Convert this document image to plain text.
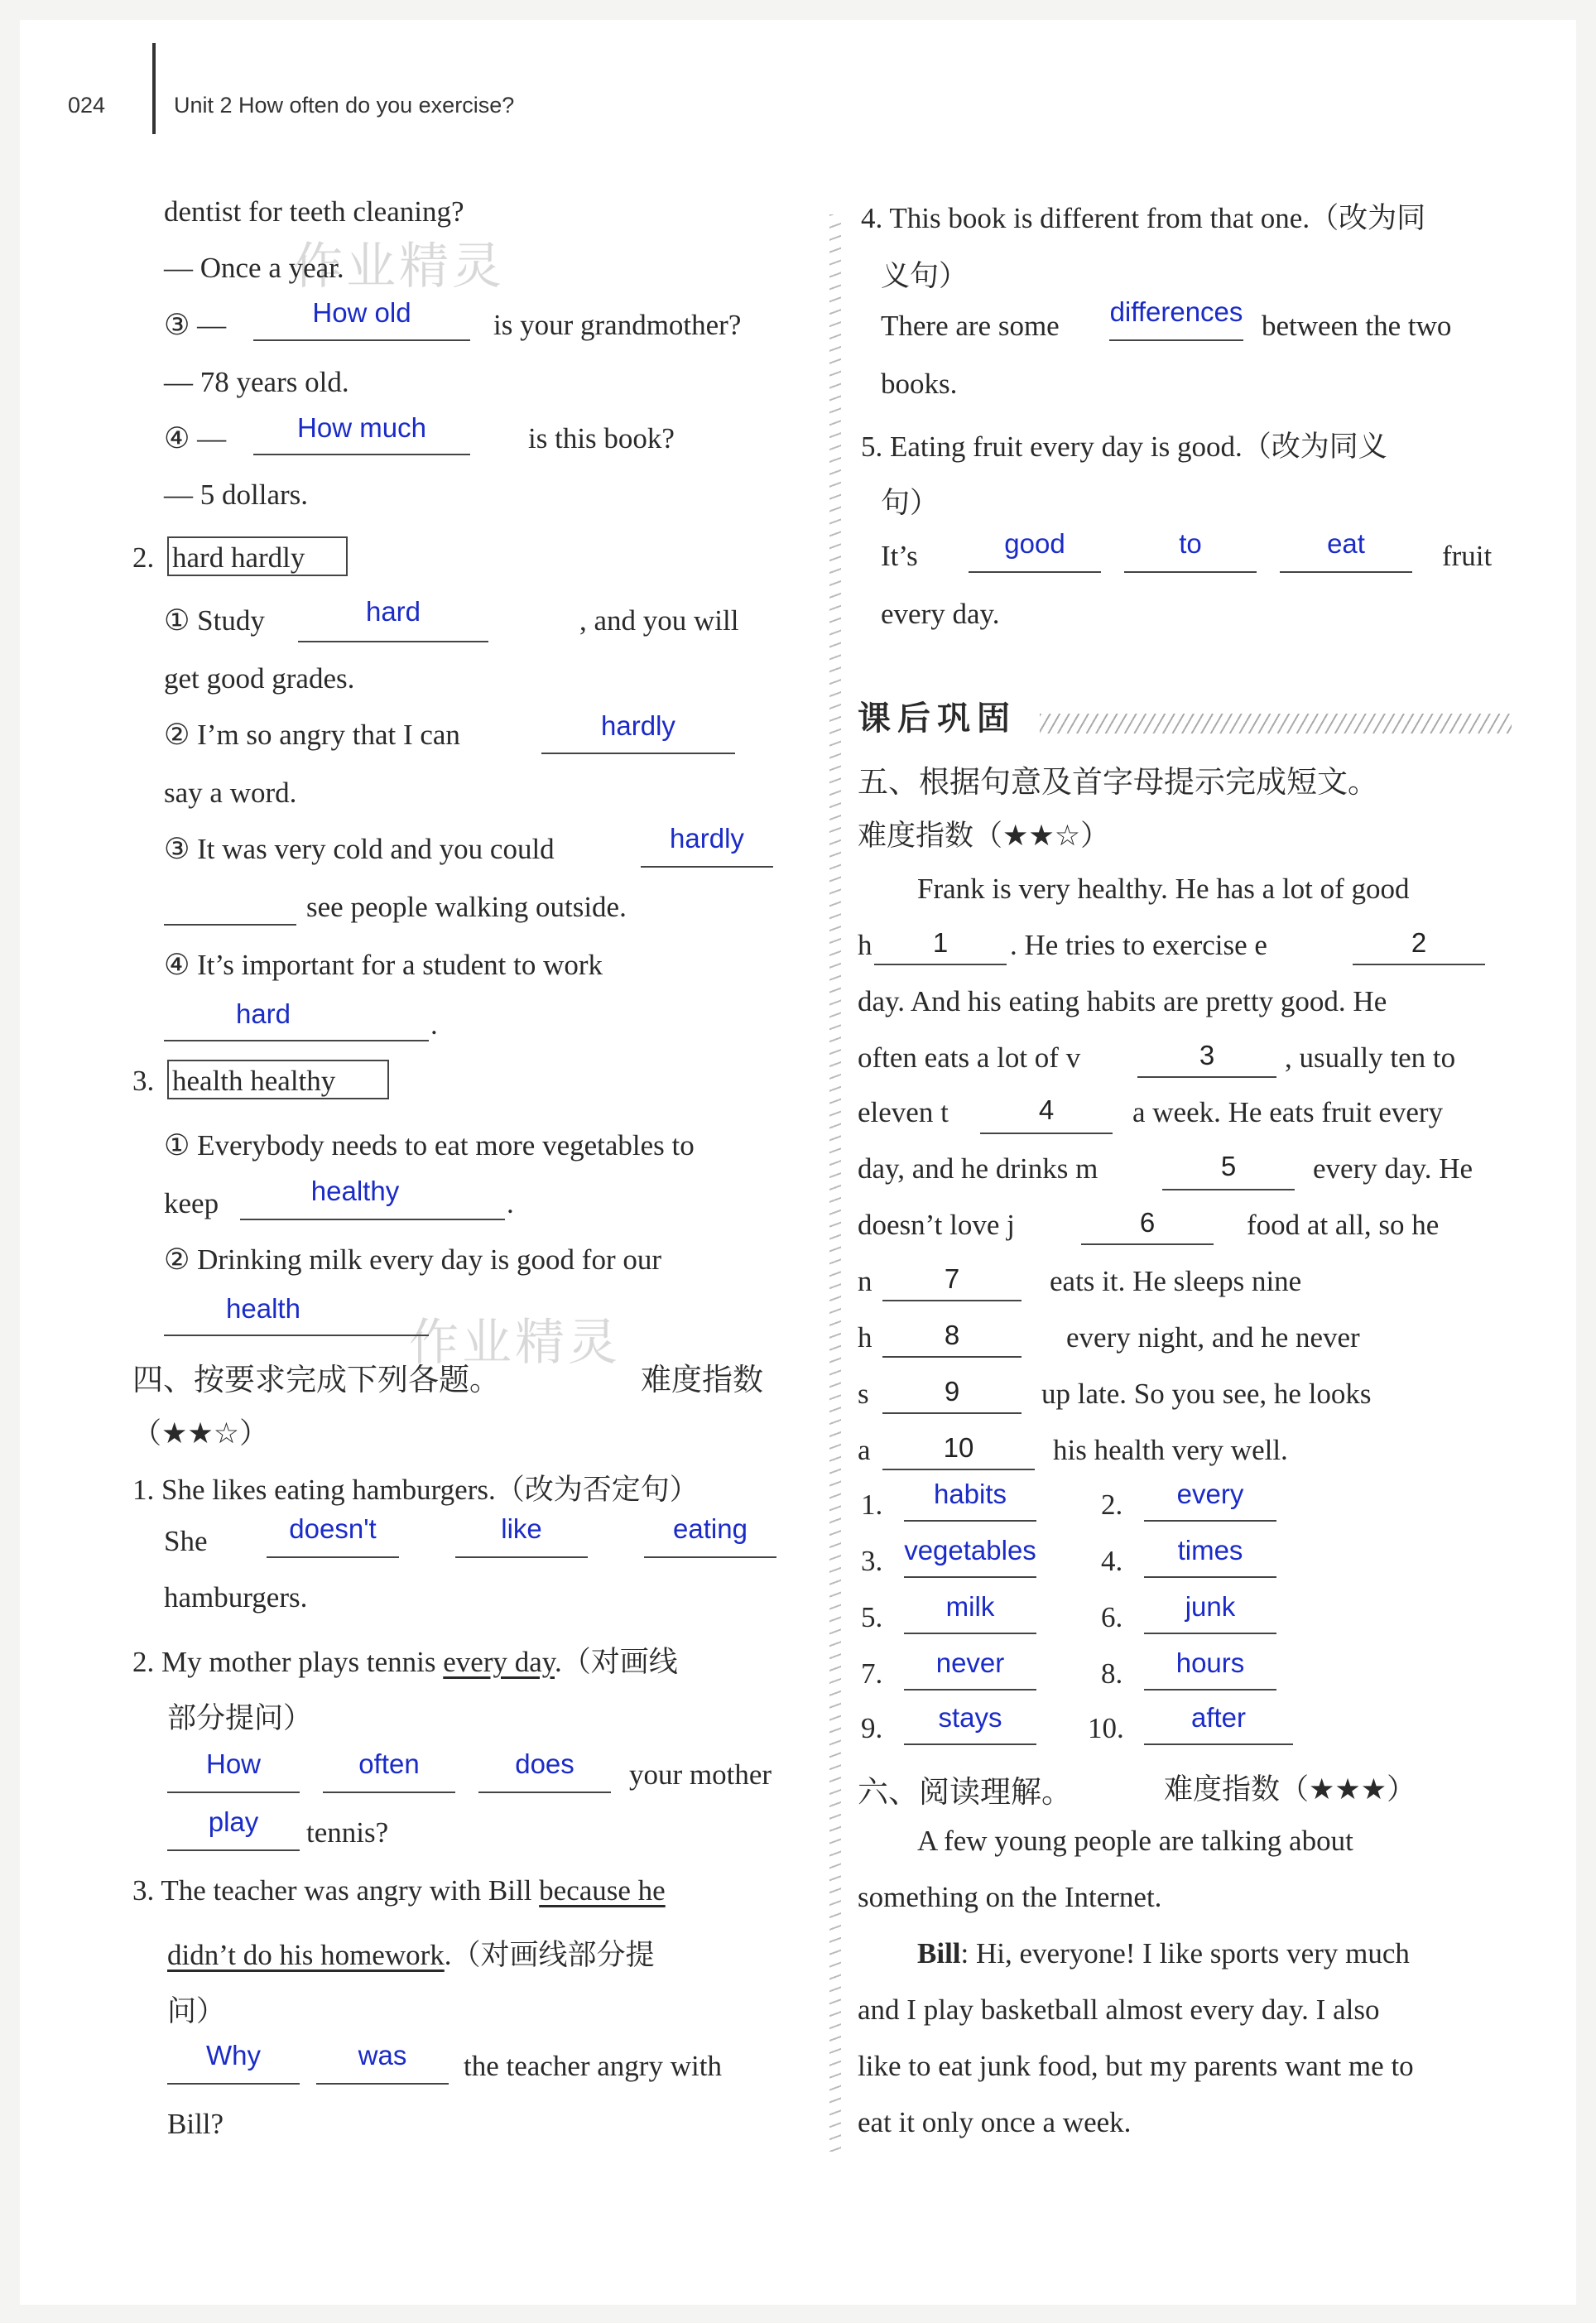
024	Unit 2 How often do you exercise?
作业精灵
作业精灵
dentist for teeth cleaning?
— Once a year.
③ —	How old	is your grandmother?
— 78 years old.
④ —	How much	is this book?
— 5 dollars.
2. hard hardly
① Study	hard	, and you will
get good grades.
② I’m so angry that I can	hardly
say a word.
③ It was very cold and you could	hardly
see people walking outside.
④ It’s important for a student to work
hard	.
3. health healthy
① Everybody needs to eat more vegetables to
keep	healthy	.
② Drinking milk every day is good for our
health
四、按要求完成下列各题。	难度指数
（★★☆）
1. She likes eating hamburgers.（改为否定句）
She	doesn't	like	eating
hamburgers.
2. My mother plays tennis every day.（对画线
部分提问）
How	often	does	your mother
play	tennis?
3. The teacher was angry with Bill because he
didn’t do his homework.（对画线部分提
问）
Why	was	the teacher angry with
Bill?
4. This book is different from that one.（改为同
义句）
There are some differences between the two
books.
5. Eating fruit every day is good.（改为同义
句）
It’s	good	to	eat	fruit
every day.
课后巩固
五、根据句意及首字母提示完成短文。
难度指数（★★☆）
Frank is very healthy. He has a lot of good
h	1	. He tries to exercise e	2
day. And his eating habits are pretty good. He
often eats a lot of v	3	, usually ten to
eleven t	4	a week. He eats fruit every
day, and he drinks m	5	every day. He
doesn’t love j	6	food at all, so he
n	7	eats it. He sleeps nine
h	8	every night, and he never
s	9	up late. So you see, he looks
a	10	his health very well.
1.	habits	2.	every
3. vegetables 4.	times
5.	milk	6.	junk
7.	never	8.	hours
9.	stays	10.	after
六、阅读理解。	难度指数（★★★）
A few young people are talking about
something on the Internet.
Bill: Hi, everyone! I like sports very much
and I play basketball almost every day. I also
like to eat junk food, but my parents want me to
eat it only once a week.
